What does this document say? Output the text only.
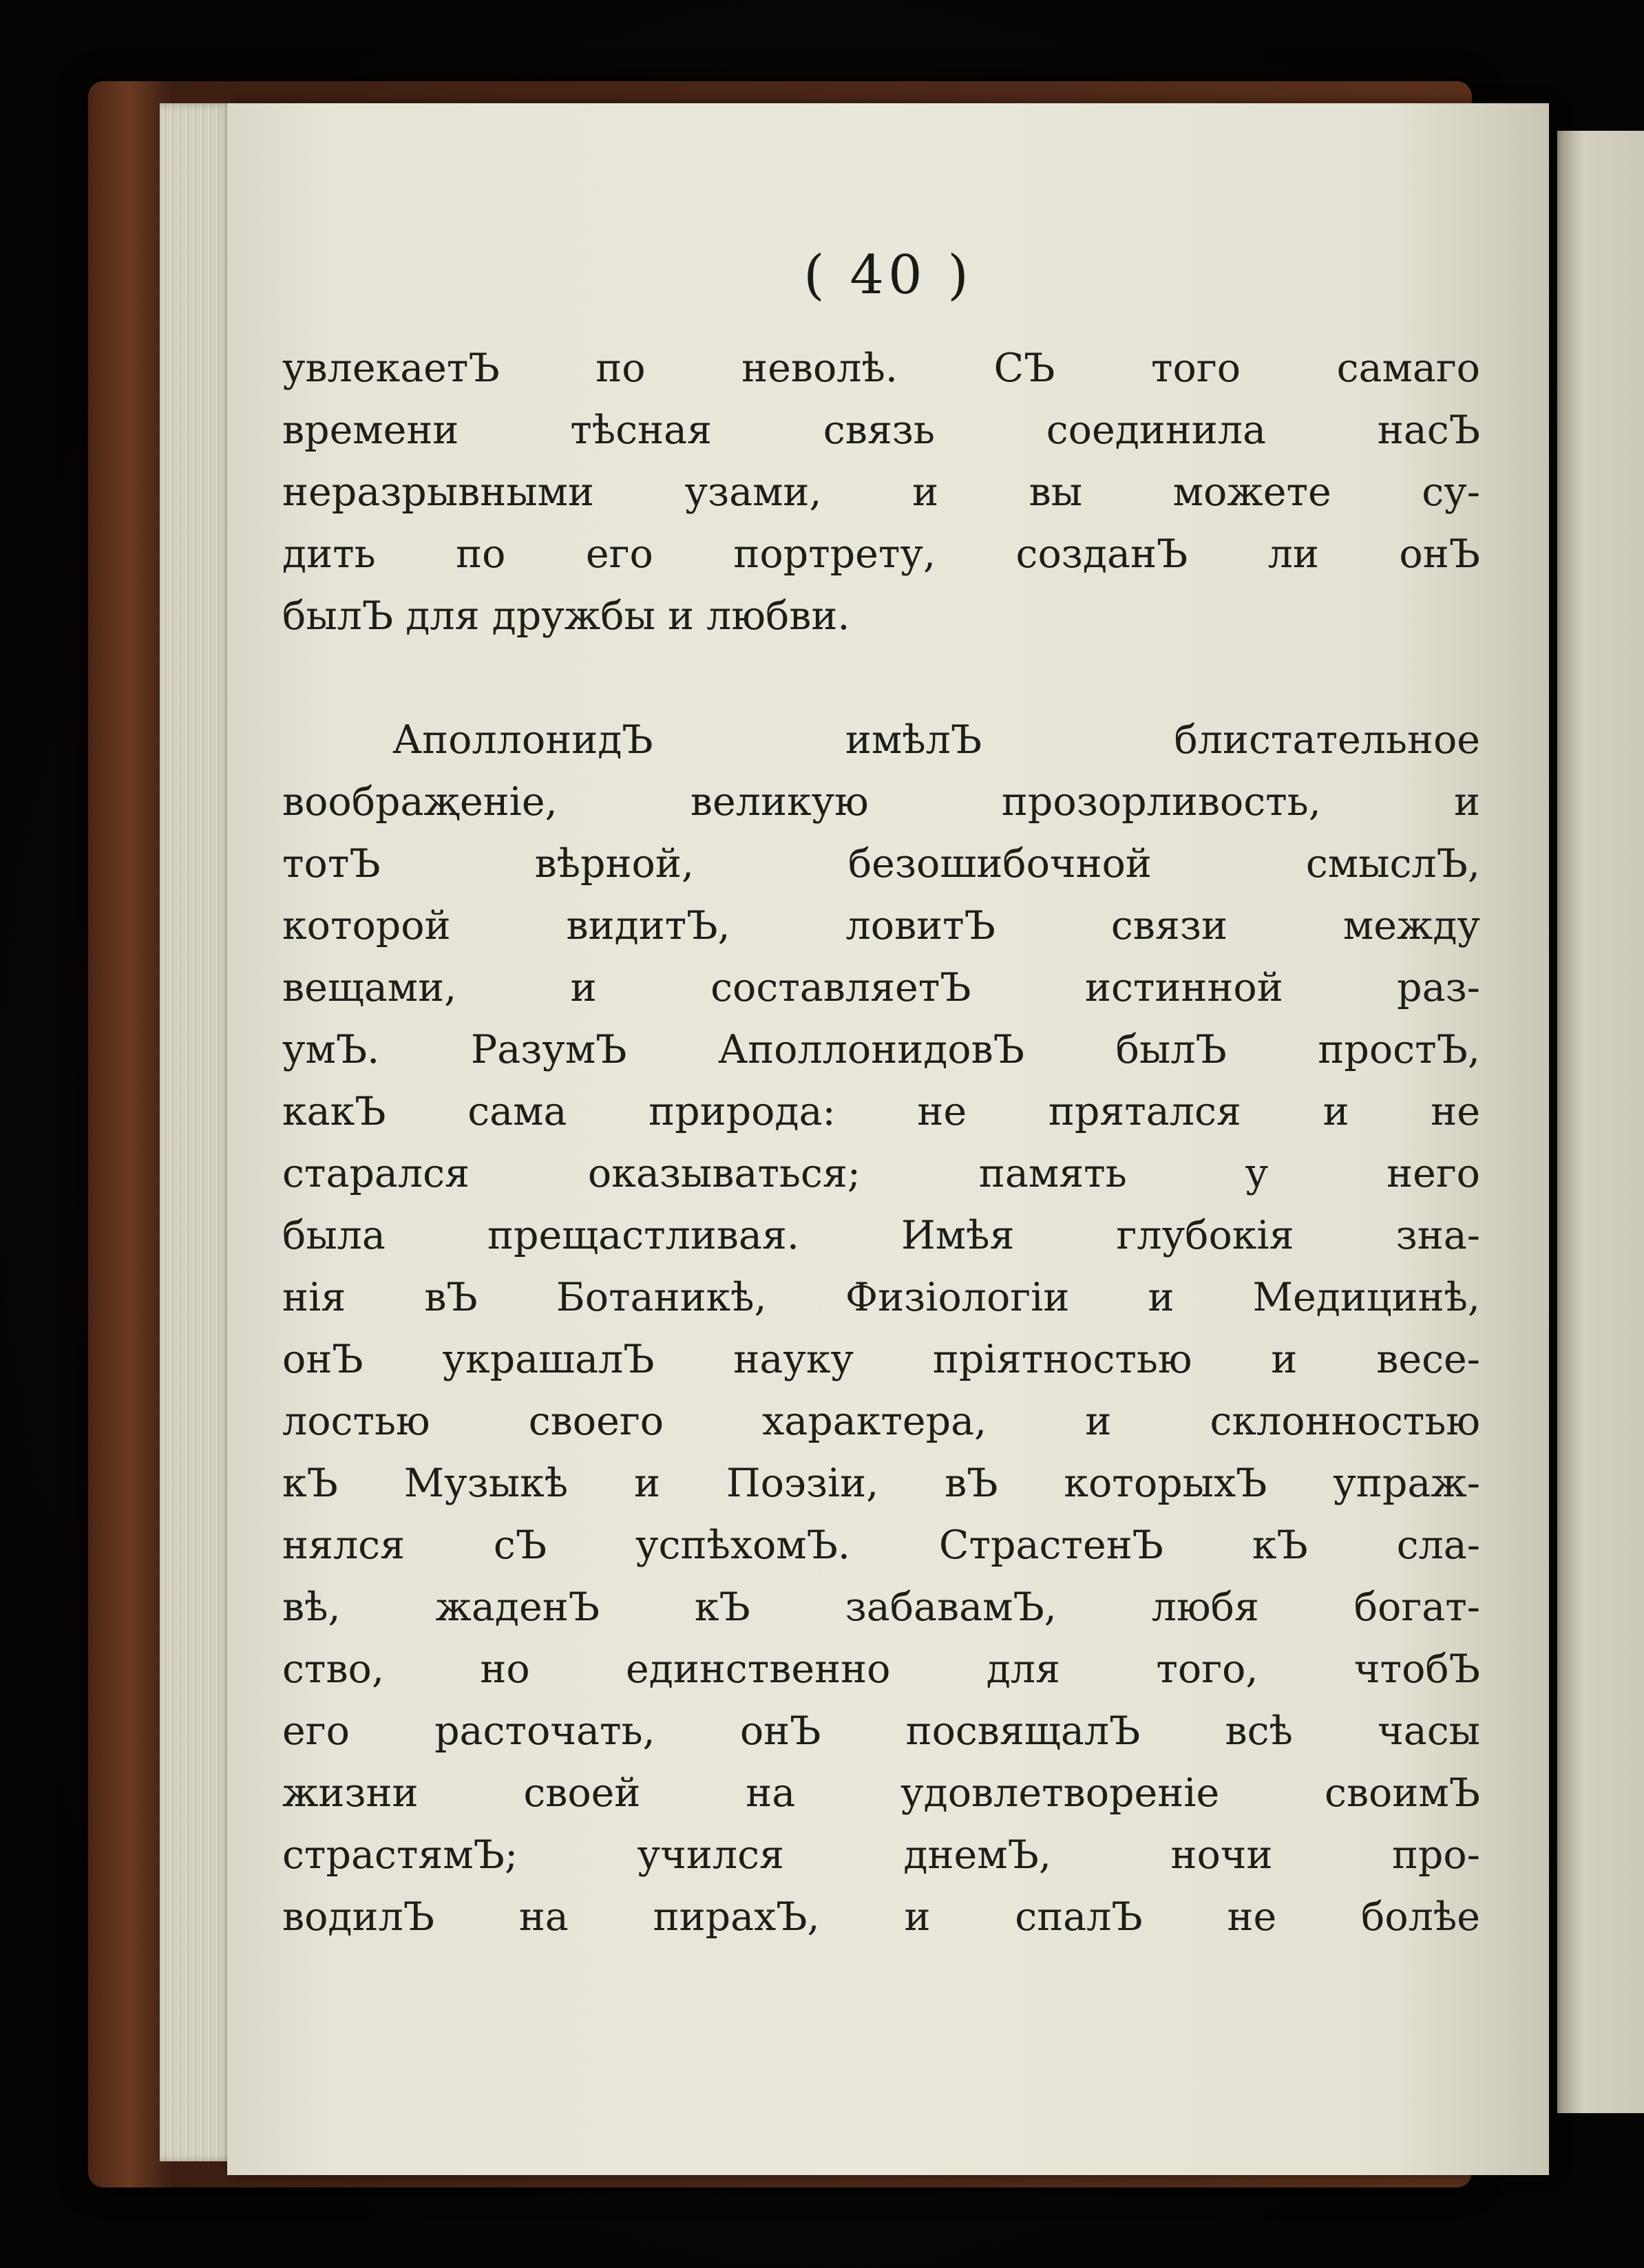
( 40 )
увлекаетЪ по неволѣ. СЪ того самаго
времени тѣсная связь соединила насЪ
неразрывными узами, и вы можете су-
дить по его портрету, созданЪ ли онЪ
былЪ для дружбы и любви.
АполлонидЪ имѣлЪ блистательное
вообраҗеніе, великую прозорливость, и
тотЪ вѣрной, безошибочной смыслЪ,
которой видитЪ, ловитЪ связи между
вещами, и составляетЪ истинной раз-
умЪ. РазумЪ АполлонидовЪ былЪ простЪ,
какЪ сама природа: не прятался и не
старался оказываться; память у него
была прещастливая. Имѣя глубокія зна-
нія вЪ Ботаникѣ, Физіологіи и Медицинѣ,
онЪ украшалЪ науку пріятностью и весе-
лостью своего характера, и склонностью
кЪ Музыкѣ и Поэзіи, вЪ которыхЪ упраж-
нялся сЪ успѣхомЪ. СтрастенЪ кЪ сла-
вѣ, жаденЪ кЪ забавамЪ, любя богат-
ство, но единственно для того, чтобЪ
его расточать, онЪ посвящалЪ всѣ часы
жизни своей на удовлетвореніе своимЪ
страстямЪ; учился днемЪ, ночи про-
водилЪ на пирахЪ, и спалЪ не болѣе
